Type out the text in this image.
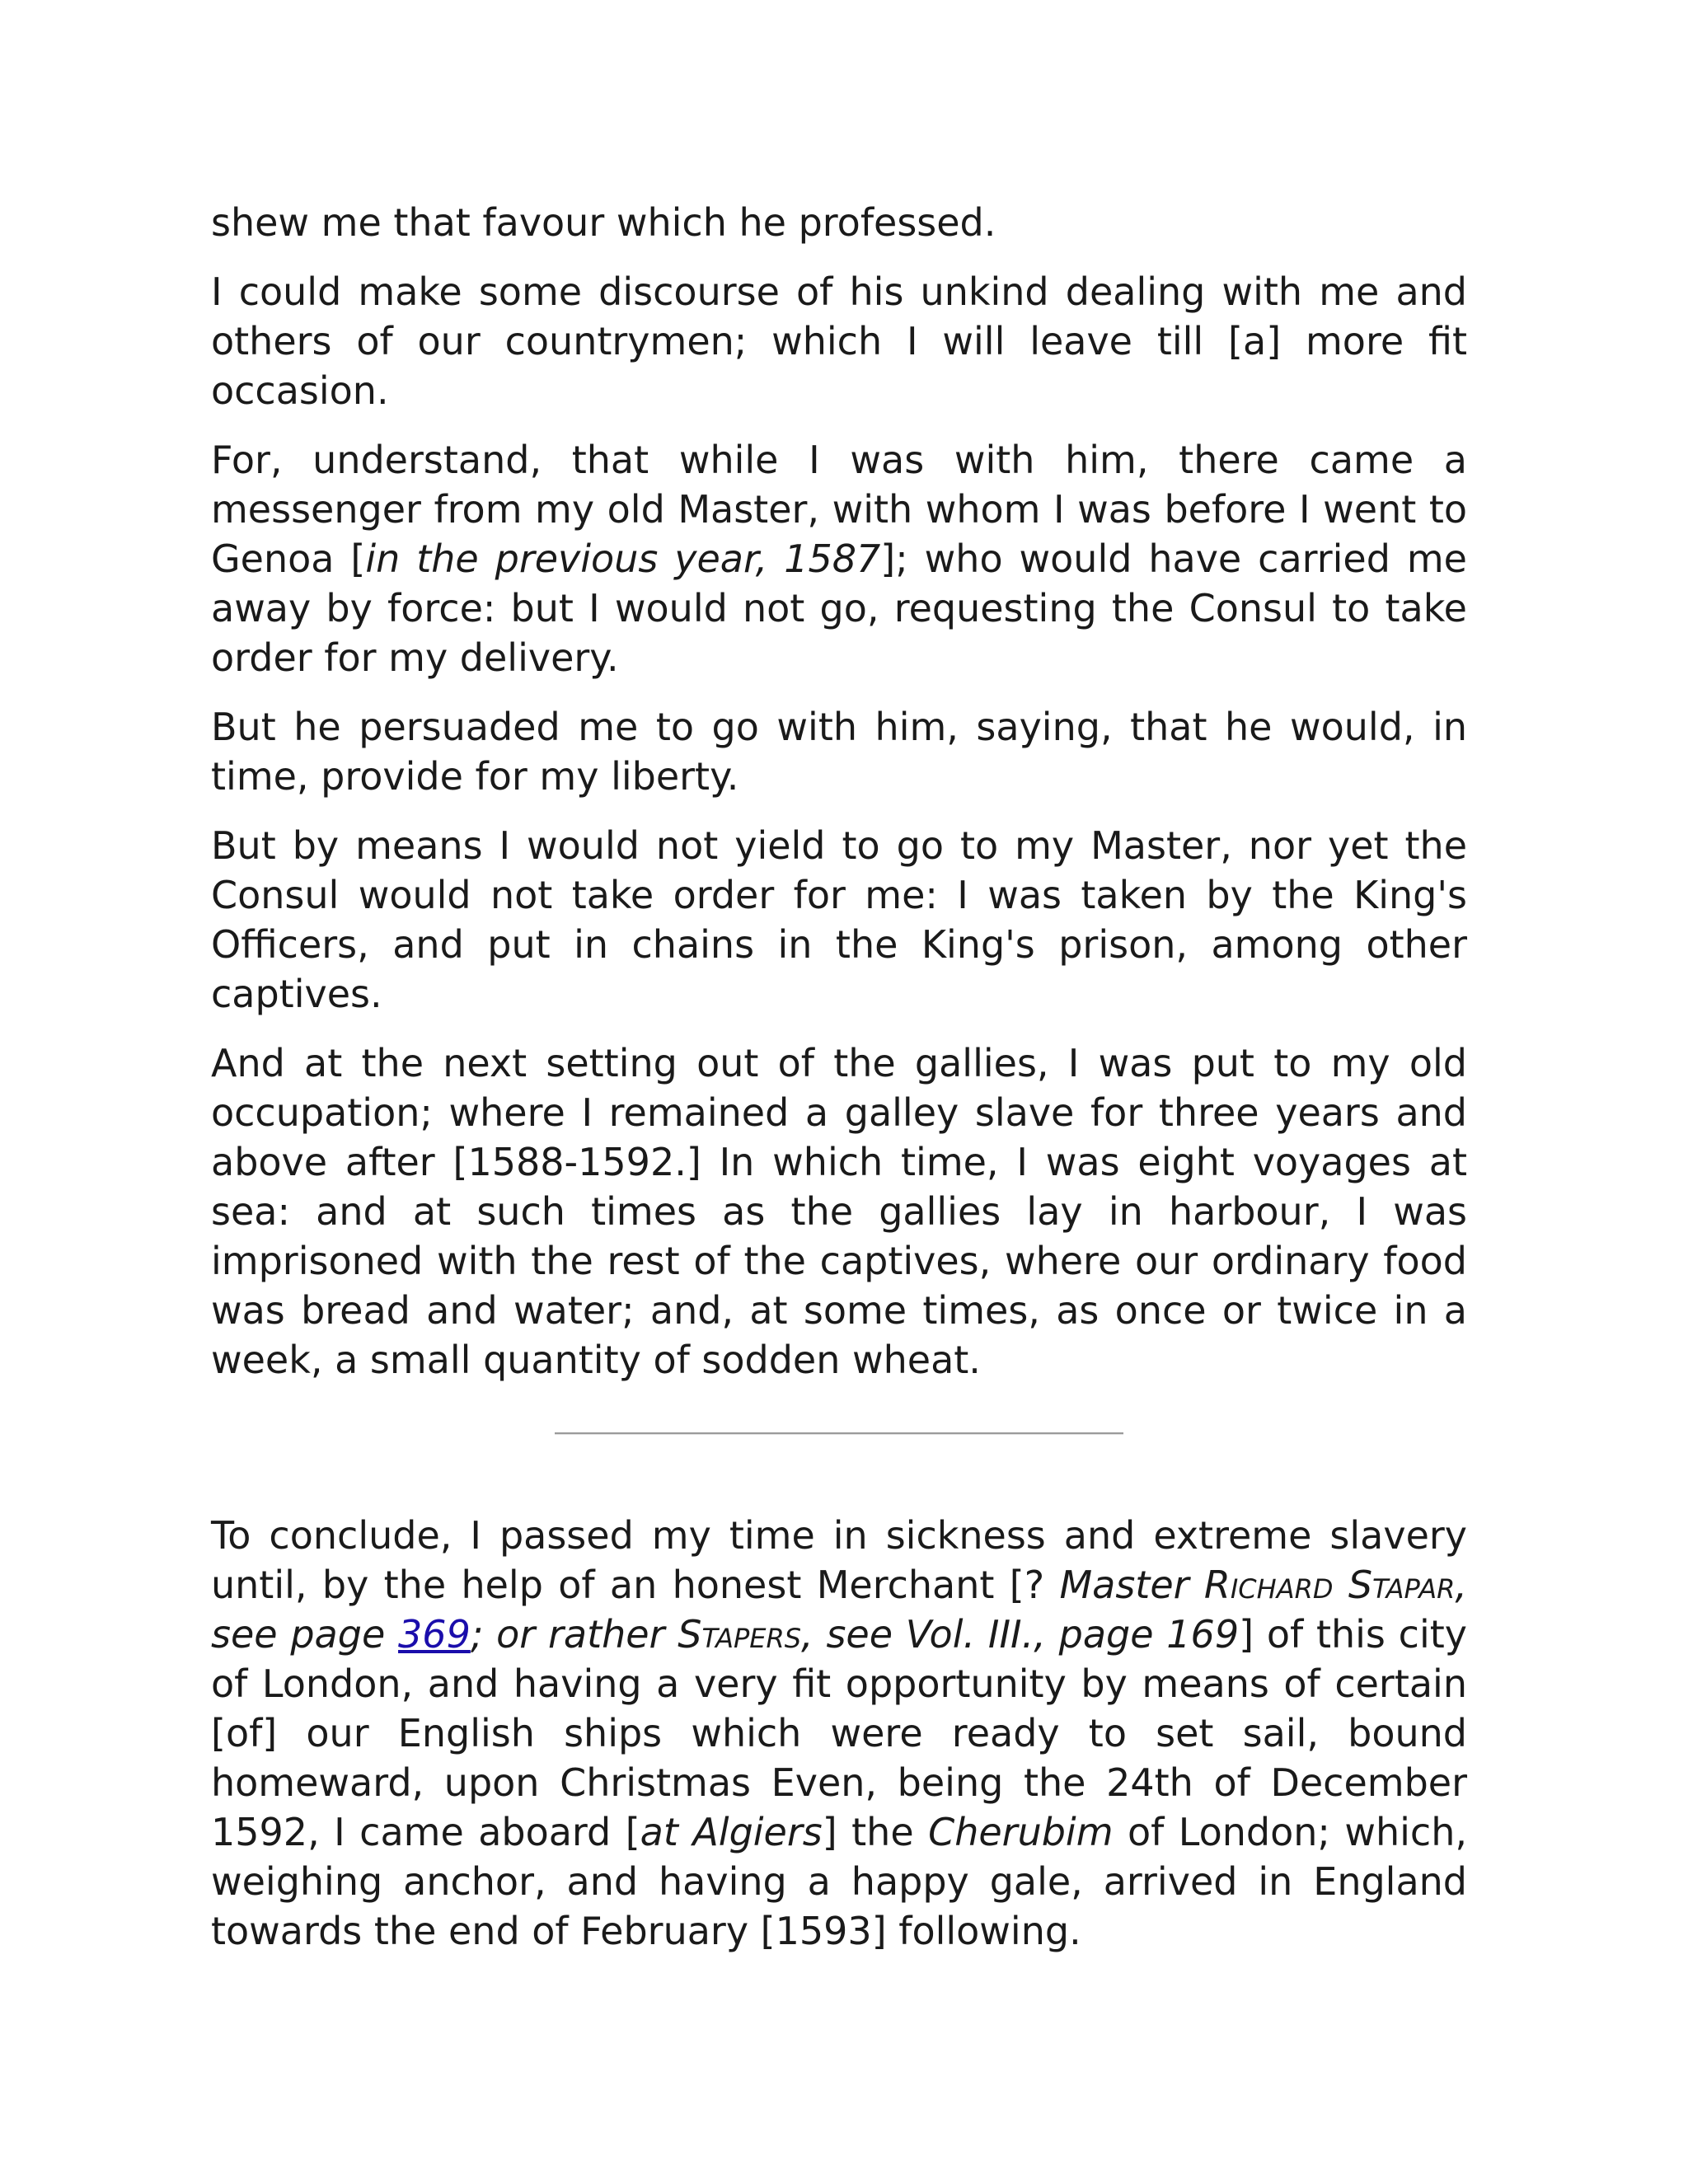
shew me that favour which he professed.

I could make some discourse of his unkind dealing with me and others of our countrymen; which I will leave till [a] more fit occasion.

For, understand, that while I was with him, there came a messenger from my old Master, with whom I was before I went to Genoa [in the previous year, 1587]; who would have carried me away by force: but I would not go, requesting the Consul to take order for my delivery.

But he persuaded me to go with him, saying, that he would, in time, provide for my liberty.

But by means I would not yield to go to my Master, nor yet the Consul would not take order for me: I was taken by the King's Officers, and put in chains in the King's prison, among other captives.

And at the next setting out of the gallies, I was put to my old occupation; where I remained a galley slave for three years and above after [1588-1592.] In which time, I was eight voyages at sea: and at such times as the gallies lay in harbour, I was imprisoned with the rest of the captives, where our ordinary food was bread and water; and, at some times, as once or twice in a week, a small quantity of sodden wheat.

To conclude, I passed my time in sickness and extreme slavery until, by the help of an honest Merchant [? Master Richard Stapar, see page 369; or rather Stapers, see Vol. III., page 169] of this city of London, and having a very fit opportunity by means of certain [of] our English ships which were ready to set sail, bound homeward, upon Christmas Even, being the 24th of December 1592, I came aboard [at Algiers] the Cherubim of London; which, weighing anchor, and having a happy gale, arrived in England towards the end of February [1593] following.
